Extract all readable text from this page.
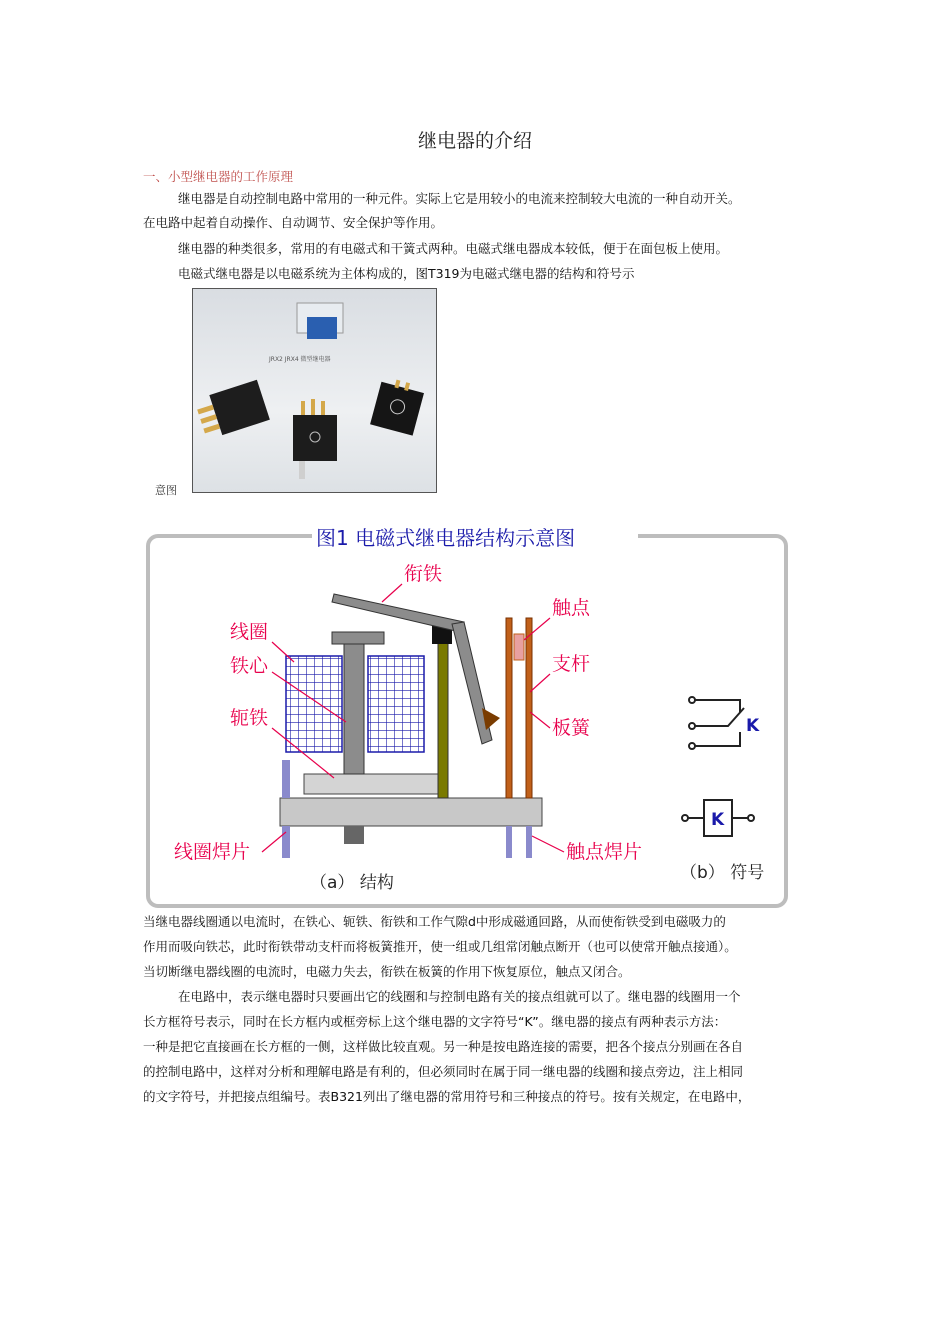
继电器的介绍
一、小型继电器的工作原理

继电器是自动控制电路中常用的一种元件。实际上它是用较小的电流来控制较大电流的一种自动开关。

在电路中起着自动操作、自动调节、安全保护等作用。

继电器的种类很多，常用的有电磁式和干簧式两种。电磁式继电器成本较低，便于在面包板上使用。

电磁式继电器是以电磁系统为主体构成的，图T319为电磁式继电器的结构和符号示

JRX2 JRX4 微型继电器
意图
图1 电磁式继电器结构示意图
衔铁
触点
线圈
铁心	支杆
轭铁	板簧
线圈焊片	触点焊片
（a） 结构	（b） 符号
K
K

当继电器线圈通以电流时，在铁心、轭铁、衔铁和工作气隙d中形成磁通回路，从而使衔铁受到电磁吸力的

作用而吸向铁芯，此时衔铁带动支杆而将板簧推开，使一组或几组常闭触点断开（也可以使常开触点接通）。

当切断继电器线圈的电流时，电磁力失去，衔铁在板簧的作用下恢复原位，触点又闭合。

在电路中，表示继电器时只要画出它的线圈和与控制电路有关的接点组就可以了。继电器的线圈用一个

长方框符号表示，同时在长方框内或框旁标上这个继电器的文字符号“K”。继电器的接点有两种表示方法：

一种是把它直接画在长方框的一侧，这样做比较直观。另一种是按电路连接的需要，把各个接点分别画在各自

的控制电路中，这样对分析和理解电路是有利的，但必须同时在属于同一继电器的线圈和接点旁边，注上相同

的文字符号，并把接点组编号。表B321列出了继电器的常用符号和三种接点的符号。按有关规定，在电路中，
